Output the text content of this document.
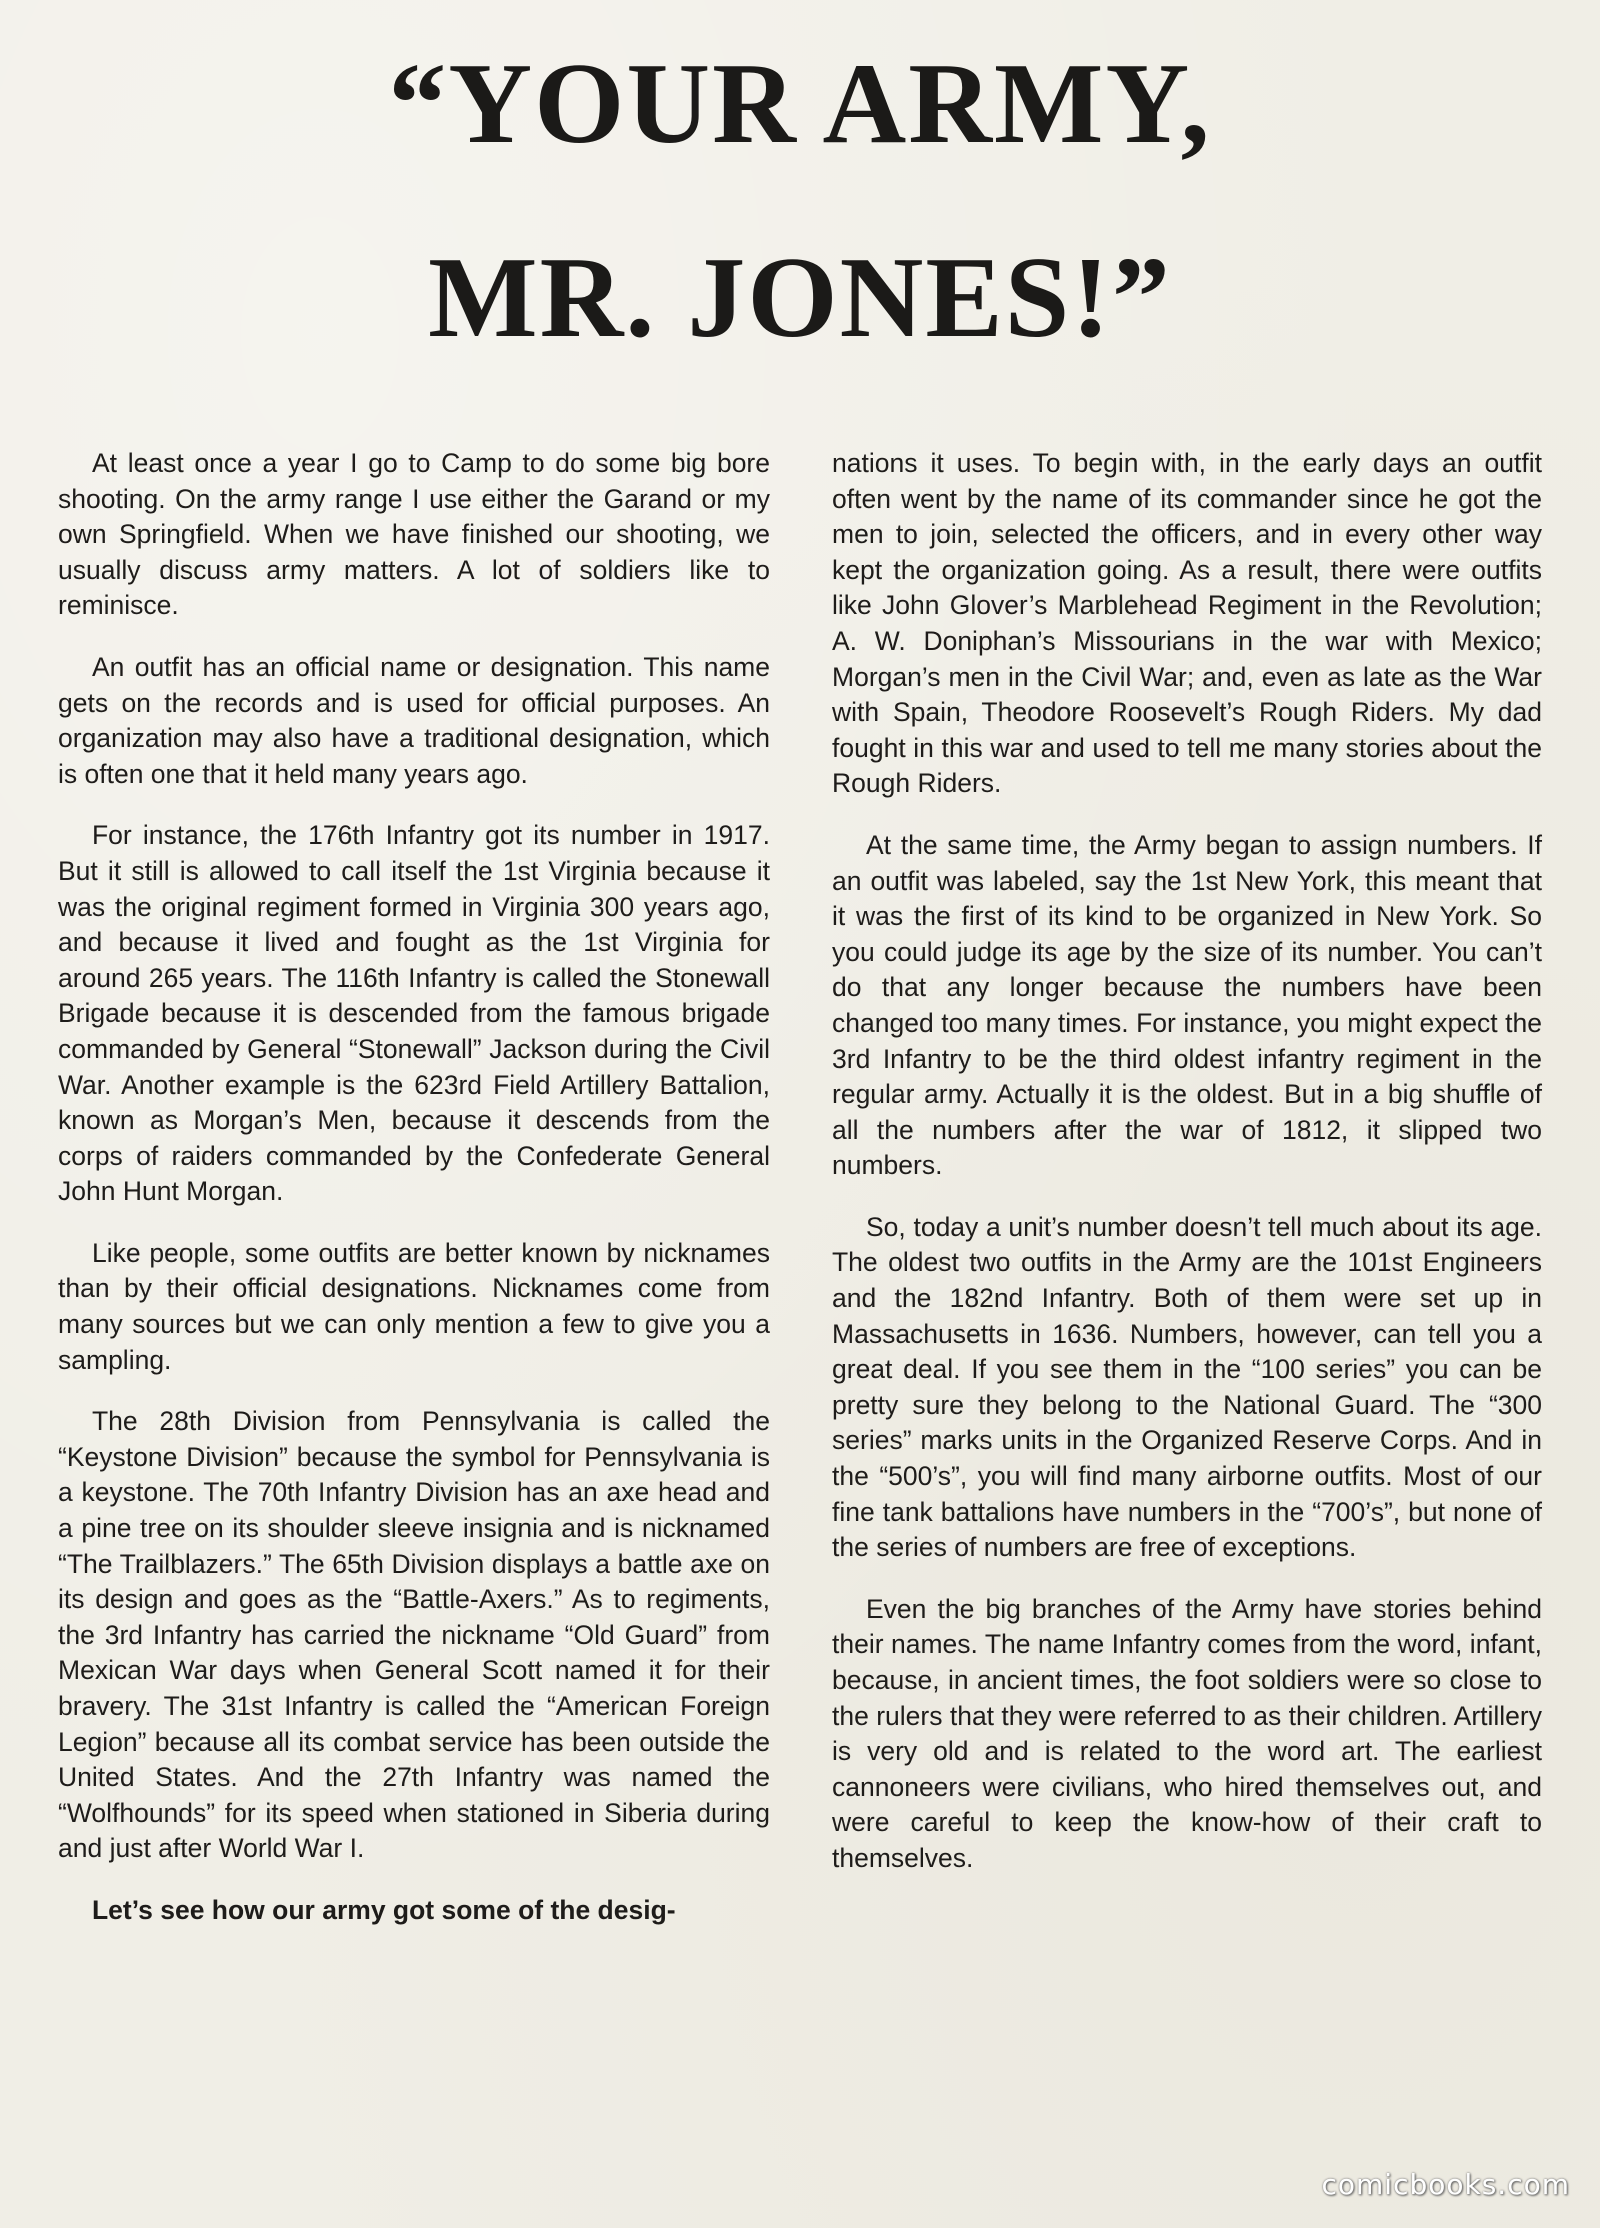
“YOUR ARMY,
MR. JONES!”

At least once a year I go to Camp to do some big bore shooting. On the army range I use either the Garand or my own Springfield. When we have finished our shooting, we usually discuss army matters. A lot of soldiers like to reminisce.

An outfit has an official name or designation. This name gets on the records and is used for official purposes. An organization may also have a traditional designation, which is often one that it held many years ago.

For instance, the 176th Infantry got its number in 1917. But it still is allowed to call itself the 1st Virginia because it was the original regiment formed in Virginia 300 years ago, and because it lived and fought as the 1st Virginia for around 265 years. The 116th Infantry is called the Stonewall Brigade because it is descended from the famous brigade commanded by General “Stonewall” Jackson during the Civil War. Another example is the 623rd Field Artillery Battalion, known as Morgan’s Men, because it descends from the corps of raiders commanded by the Confederate General John Hunt Morgan.

Like people, some outfits are better known by nicknames than by their official designations. Nicknames come from many sources but we can only mention a few to give you a sampling.

The 28th Division from Pennsylvania is called the “Keystone Division” because the symbol for Pennsylvania is a keystone. The 70th Infantry Division has an axe head and a pine tree on its shoulder sleeve insignia and is nicknamed “The Trailblazers.” The 65th Division displays a battle axe on its design and goes as the “Battle-Axers.” As to regiments, the 3rd Infantry has carried the nickname “Old Guard” from Mexican War days when General Scott named it for their bravery. The 31st Infantry is called the “American Foreign Legion” because all its combat service has been outside the United States. And the 27th Infantry was named the “Wolfhounds” for its speed when stationed in Siberia during and just after World War I.

Let’s see how our army got some of the desig-

nations it uses. To begin with, in the early days an outfit often went by the name of its commander since he got the men to join, selected the officers, and in every other way kept the organization going. As a result, there were outfits like John Glover’s Marblehead Regiment in the Revolution; A. W. Doniphan’s Missourians in the war with Mexico; Morgan’s men in the Civil War; and, even as late as the War with Spain, Theodore Roosevelt’s Rough Riders. My dad fought in this war and used to tell me many stories about the Rough Riders.

At the same time, the Army began to assign numbers. If an outfit was labeled, say the 1st New York, this meant that it was the first of its kind to be organized in New York. So you could judge its age by the size of its number. You can’t do that any longer because the numbers have been changed too many times. For instance, you might expect the 3rd Infantry to be the third oldest infantry regiment in the regular army. Actually it is the oldest. But in a big shuffle of all the numbers after the war of 1812, it slipped two numbers.

So, today a unit’s number doesn’t tell much about its age. The oldest two outfits in the Army are the 101st Engineers and the 182nd Infantry. Both of them were set up in Massachusetts in 1636. Numbers, however, can tell you a great deal. If you see them in the “100 series” you can be pretty sure they belong to the National Guard. The “300 series” marks units in the Organized Reserve Corps. And in the “500’s”, you will find many airborne outfits. Most of our fine tank battalions have numbers in the “700’s”, but none of the series of numbers are free of exceptions.

Even the big branches of the Army have stories behind their names. The name Infantry comes from the word, infant, because, in ancient times, the foot soldiers were so close to the rulers that they were referred to as their children. Artillery is very old and is related to the word art. The earliest cannoneers were civilians, who hired themselves out, and were careful to keep the know-how of their craft to themselves.

comicbooks.com
